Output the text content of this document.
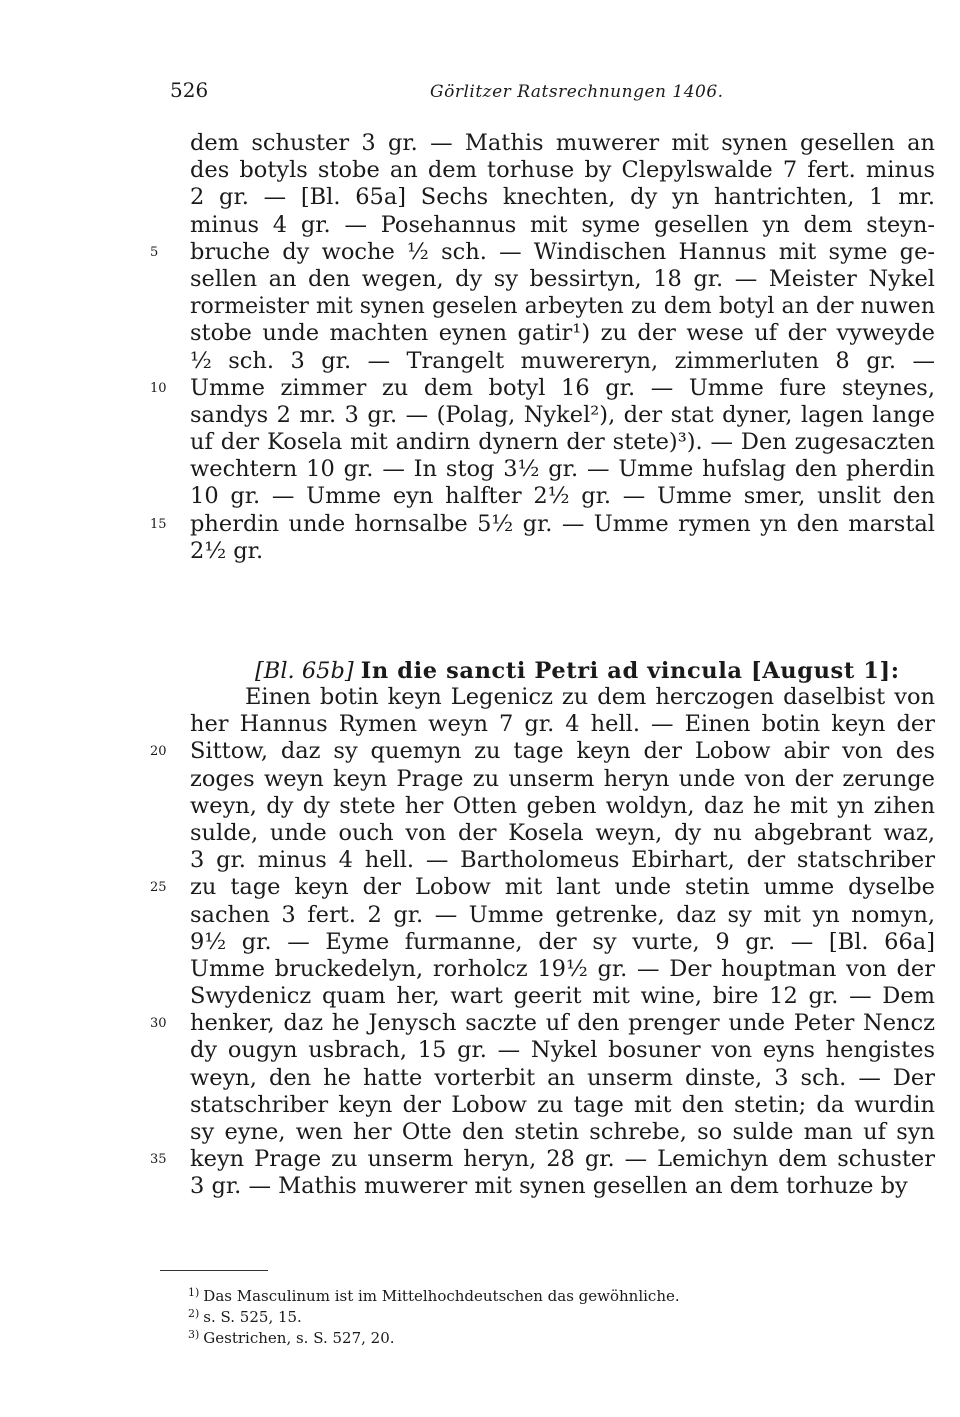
526	Görlitzer Ratsrechnungen 1406.
dem schuster 3 gr. — Mathis muwerer mit synen gesellen an
des botyls stobe an dem torhuse by Clepylswalde 7 fert. minus
2 gr. — [Bl. 65a] Sechs knechten, dy yn hantrichten, 1 mr.
minus 4 gr. — Posehannus mit syme gesellen yn dem steyn-
bruche dy woche ½ sch. — Windischen Hannus mit syme ge-
5
sellen an den wegen, dy sy bessirtyn, 18 gr. — Meister Nykel
rormeister mit synen geselen arbeyten zu dem botyl an der nuwen
stobe unde machten eynen gatir¹) zu der wese uf der vyweyde
½ sch. 3 gr. — Trangelt muwereryn, zimmerluten 8 gr. —
Umme zimmer zu dem botyl 16 gr. — Umme fure steynes,
10
sandys 2 mr. 3 gr. — (Polag, Nykel²), der stat dyner, lagen lange
uf der Kosela mit andirn dynern der stete)³). — Den zugesaczten
wechtern 10 gr. — In stog 3½ gr. — Umme hufslag den pherdin
10 gr. — Umme eyn halfter 2½ gr. — Umme smer, unslit den
pherdin unde hornsalbe 5½ gr. — Umme rymen yn den marstal
15
2½ gr.
[Bl. 65b] In die sancti Petri ad vincula [August 1]:
Einen botin keyn Legenicz zu dem herczogen daselbist von
her Hannus Rymen weyn 7 gr. 4 hell. — Einen botin keyn der
Sittow, daz sy quemyn zu tage keyn der Lobow abir von des
20
zoges weyn keyn Prage zu unserm heryn unde von der zerunge
weyn, dy dy stete her Otten geben woldyn, daz he mit yn zihen
sulde, unde ouch von der Kosela weyn, dy nu abgebrant waz,
3 gr. minus 4 hell. — Bartholomeus Ebirhart, der statschriber
zu tage keyn der Lobow mit lant unde stetin umme dyselbe
25
sachen 3 fert. 2 gr. — Umme getrenke, daz sy mit yn nomyn,
9½ gr. — Eyme furmanne, der sy vurte, 9 gr. — [Bl. 66a]
Umme bruckedelyn, rorholcz 19½ gr. — Der houptman von der
Swydenicz quam her, wart geerit mit wine, bire 12 gr. — Dem
henker, daz he Jenysch saczte uf den prenger unde Peter Nencz
30
dy ougyn usbrach, 15 gr. — Nykel bosuner von eyns hengistes
weyn, den he hatte vorterbit an unserm dinste, 3 sch. — Der
statschriber keyn der Lobow zu tage mit den stetin; da wurdin
sy eyne, wen her Otte den stetin schrebe, so sulde man uf syn
keyn Prage zu unserm heryn, 28 gr. — Lemichyn dem schuster
35
3 gr. — Mathis muwerer mit synen gesellen an dem torhuze by
$^{1)}$ Das Masculinum ist im Mittelhochdeutschen das gewöhnliche.
$^{2)}$ s. S. 525, 15.
$^{3)}$ Gestrichen, s. S. 527, 20.
